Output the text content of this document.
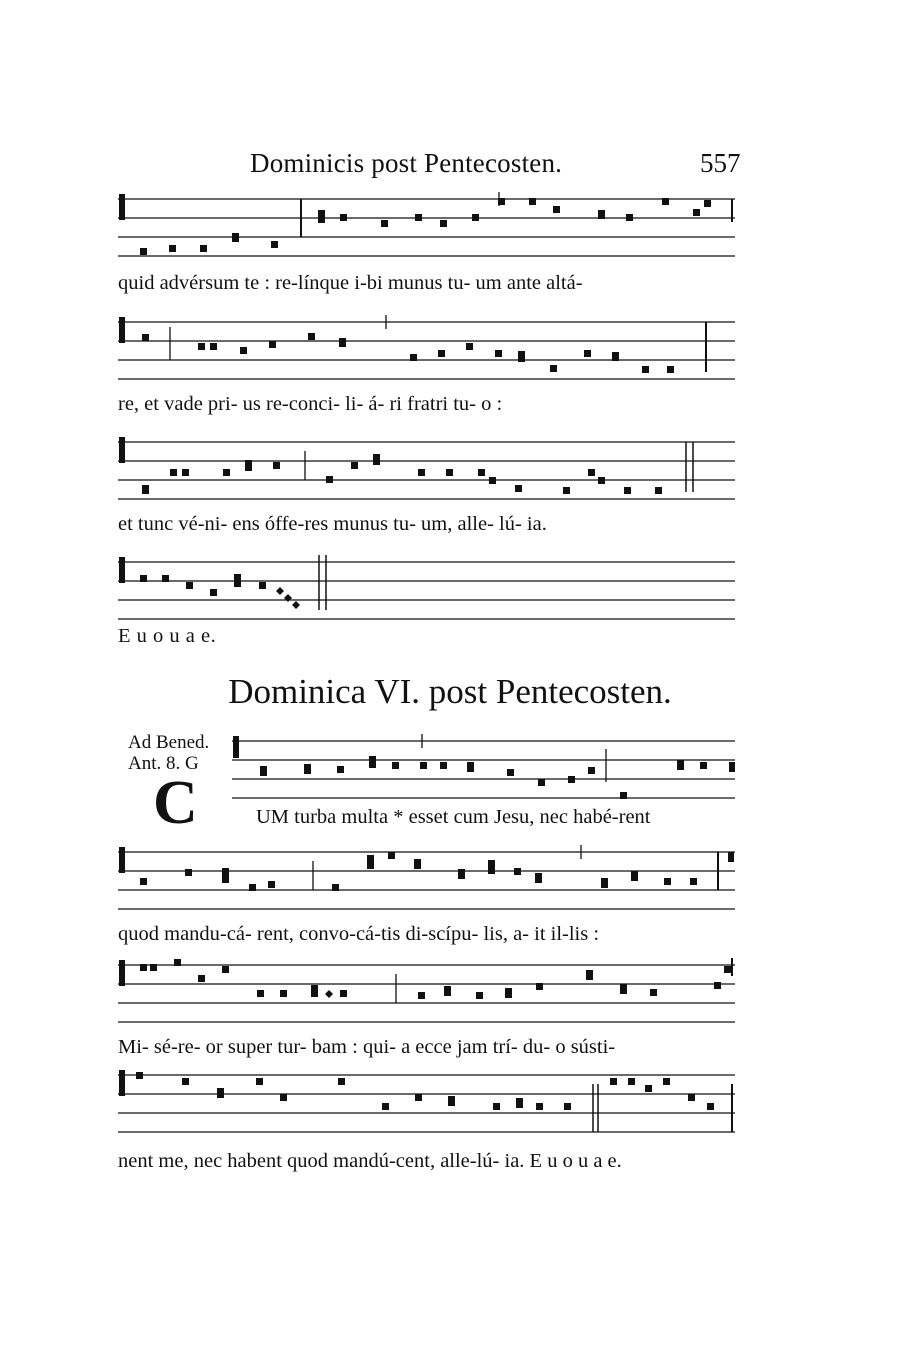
Dominicis post Pentecosten.	557
quid advérsum te : re-línque i-bi munus tu- um ante altá-
re, et vade pri- us re-conci- li- á- ri fratri tu- o :
et tunc vé-ni- ens óffe-res munus tu- um, alle- lú- ia.
E u o u a e.
Dominica VI. post Pentecosten.
Ad Bened.
Ant. 8. G
C	UM turba multa * esset cum Jesu, nec habé-rent
quod mandu-cá- rent, convo-cá-tis di-scípu- lis, a- it il-lis :
Mi- sé-re- or super tur- bam : qui- a ecce jam trí- du- o sústi-
nent me, nec habent quod mandú-cent, alle-lú- ia. E u o u a e.
